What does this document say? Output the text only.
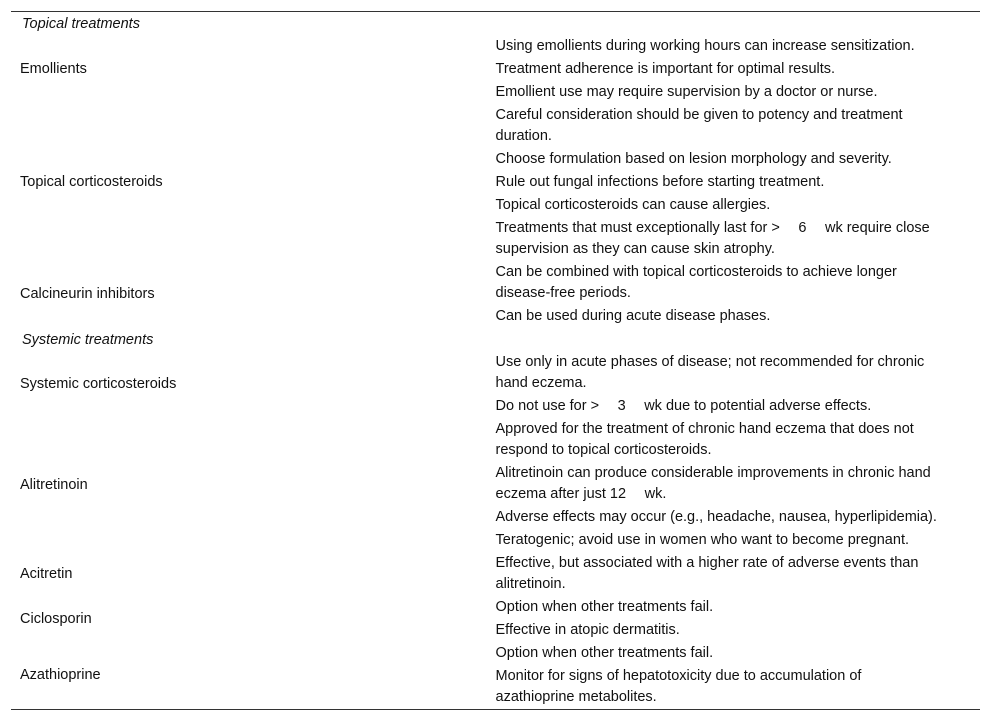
Topical treatments	

Emollients	Using emollients during working hours can increase sensitization.
Treatment adherence is important for optimal results.
Emollient use may require supervision by a doctor or nurse.

Topical corticosteroids	Careful consideration should be given to potency and treatment duration.
Choose formulation based on lesion morphology and severity.
Rule out fungal infections before starting treatment.
Topical corticosteroids can cause allergies.
Treatments that must exceptionally last for >  6  wk require close supervision as they can cause skin atrophy.

Calcineurin inhibitors	Can be combined with topical corticosteroids to achieve longer disease-free periods.
Can be used during acute disease phases.

Systemic treatments	

Systemic corticosteroids	Use only in acute phases of disease; not recommended for chronic hand eczema.
Do not use for >  3  wk due to potential adverse effects.

Alitretinoin	Approved for the treatment of chronic hand eczema that does not respond to topical corticosteroids.
Alitretinoin can produce considerable improvements in chronic hand eczema after just 12  wk.
Adverse effects may occur (e.g., headache, nausea, hyperlipidemia).
Teratogenic; avoid use in women who want to become pregnant.

Acitretin	Effective, but associated with a higher rate of adverse events than alitretinoin.

Ciclosporin	Option when other treatments fail.
Effective in atopic dermatitis.

Azathioprine	Option when other treatments fail.
Monitor for signs of hepatotoxicity due to accumulation of azathioprine metabolites.
